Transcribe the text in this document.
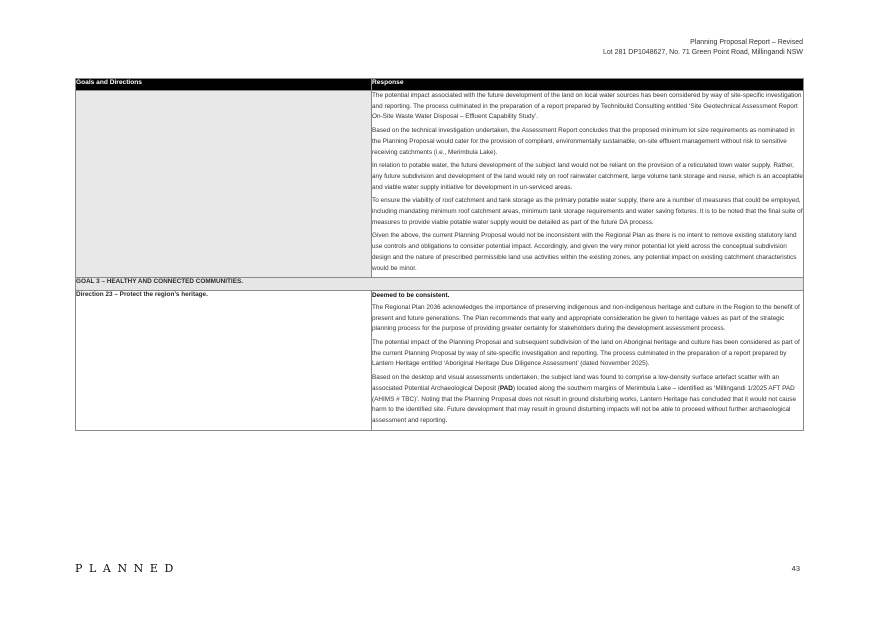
Planning Proposal Report – Revised
Lot 281 DP1048627, No. 71 Green Point Road, Millingandi NSW
Goals and Directions	Response

	The potential impact associated with the future development of the land on local water sources has been considered by way of site-specific investigation and reporting. The process culminated in the preparation of a report prepared by Technibuild Consulting entitled ‘Site Geotechnical Assessment Report On-Site Waste Water Disposal – Effluent Capability Study’.

Based on the technical investigation undertaken, the Assessment Report concludes that the proposed minimum lot size requirements as nominated in the Planning Proposal would cater for the provision of compliant, environmentally sustainable, on-site effluent management without risk to sensitive receiving catchments (i.e., Merimbula Lake).

In relation to potable water, the future development of the subject land would not be reliant on the provision of a reticulated town water supply. Rather, any future subdivision and development of the land would rely on roof rainwater catchment, large volume tank storage and reuse, which is an acceptable and viable water supply initiative for development in un-serviced areas.

To ensure the viability of roof catchment and tank storage as the primary potable water supply, there are a number of measures that could be employed, including mandating minimum roof catchment areas, minimum tank storage requirements and water saving fixtures. It is to be noted that the final suite of measures to provide viable potable water supply would be detailed as part of the future DA process.

Given the above, the current Planning Proposal would not be inconsistent with the Regional Plan as there is no intent to remove existing statutory land use controls and obligations to consider potential impact. Accordingly, and given the very minor potential lot yield across the conceptual subdivision design and the nature of prescribed permissible land use activities within the existing zones, any potential impact on existing catchment characteristics would be minor.

GOAL 3 – HEALTHY AND CONNECTED COMMUNITIES.	
Direction 23 – Protect the region’s heritage.	Deemed to be consistent.

The Regional Plan 2036 acknowledges the importance of preserving indigenous and non-indigenous heritage and culture in the Region to the benefit of present and future generations. The Plan recommends that early and appropriate consideration be given to heritage values as part of the strategic planning process for the purpose of providing greater certainty for stakeholders during the development assessment process.

The potential impact of the Planning Proposal and subsequent subdivision of the land on Aboriginal heritage and culture has been considered as part of the current Planning Proposal by way of site-specific investigation and reporting. The process culminated in the preparation of a report prepared by Lantern Heritage entitled ‘Aboriginal Heritage Due Diligence Assessment’ (dated November 2025).

Based on the desktop and visual assessments undertaken, the subject land was found to comprise a low-density surface artefact scatter with an associated Potential Archaeological Deposit (PAD) located along the southern margins of Merimbula Lake – identified as ‘Millingandi 1/2025 AFT PAD (AHIMS # TBC)’. Noting that the Planning Proposal does not result in ground disturbing works, Lantern Heritage has concluded that it would not cause harm to the identified site. Future development that may result in ground disturbing impacts will not be able to proceed without further archaeological assessment and reporting.

PLANNED	43
